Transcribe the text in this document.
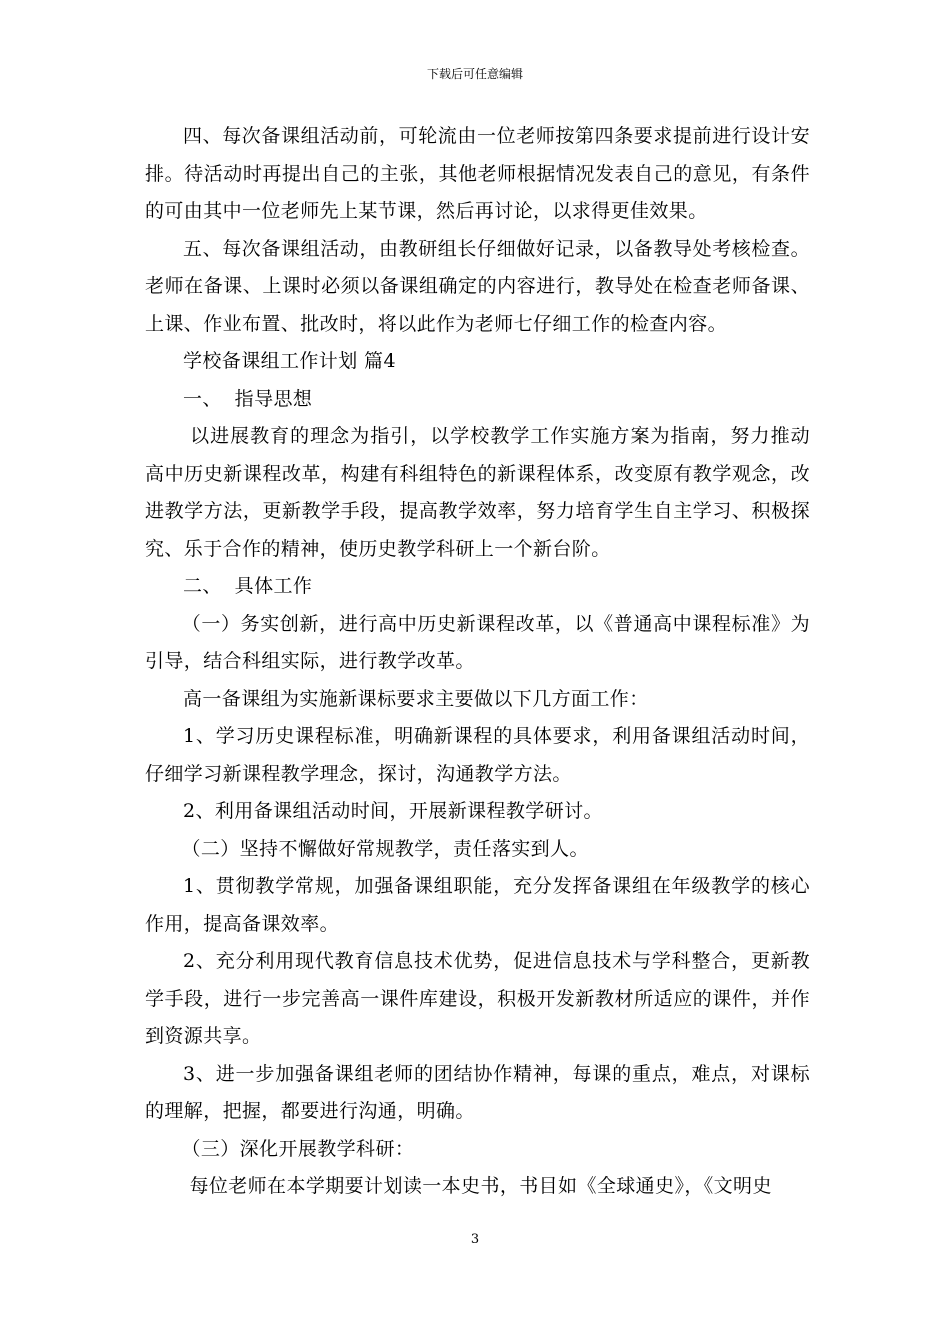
下载后可任意编辑

四、每次备课组活动前，可轮流由一位老师按第四条要求提前进行设计安排。待活动时再提出自己的主张，其他老师根据情况发表自己的意见，有条件的可由其中一位老师先上某节课，然后再讨论，以求得更佳效果。

五、每次备课组活动，由教研组长仔细做好记录，以备教导处考核检查。老师在备课、上课时必须以备课组确定的内容进行，教导处在检查老师备课、上课、作业布置、批改时，将以此作为老师七仔细工作的检查内容。

学校备课组工作计划 篇4

一、  指导思想

以进展教育的理念为指引，以学校教学工作实施方案为指南，努力推动高中历史新课程改革，构建有科组特色的新课程体系，改变原有教学观念，改进教学方法，更新教学手段，提高教学效率，努力培育学生自主学习、积极探究、乐于合作的精神，使历史教学科研上一个新台阶。

二、  具体工作

（一）务实创新，进行高中历史新课程改革，以《普通高中课程标准》为引导，结合科组实际，进行教学改革。

高一备课组为实施新课标要求主要做以下几方面工作：

1、学习历史课程标准，明确新课程的具体要求，利用备课组活动时间，仔细学习新课程教学理念，探讨，沟通教学方法。

2、利用备课组活动时间，开展新课程教学研讨。

（二）坚持不懈做好常规教学，责任落实到人。

1、贯彻教学常规，加强备课组职能，充分发挥备课组在年级教学的核心作用，提高备课效率。

2、充分利用现代教育信息技术优势，促进信息技术与学科整合，更新教学手段，进行一步完善高一课件库建设，积极开发新教材所适应的课件，并作到资源共享。

3、进一步加强备课组老师的团结协作精神，每课的重点，难点，对课标的理解，把握，都要进行沟通，明确。

（三）深化开展教学科研：

每位老师在本学期要计划读一本史书，书目如《全球通史》，《文明史

3
